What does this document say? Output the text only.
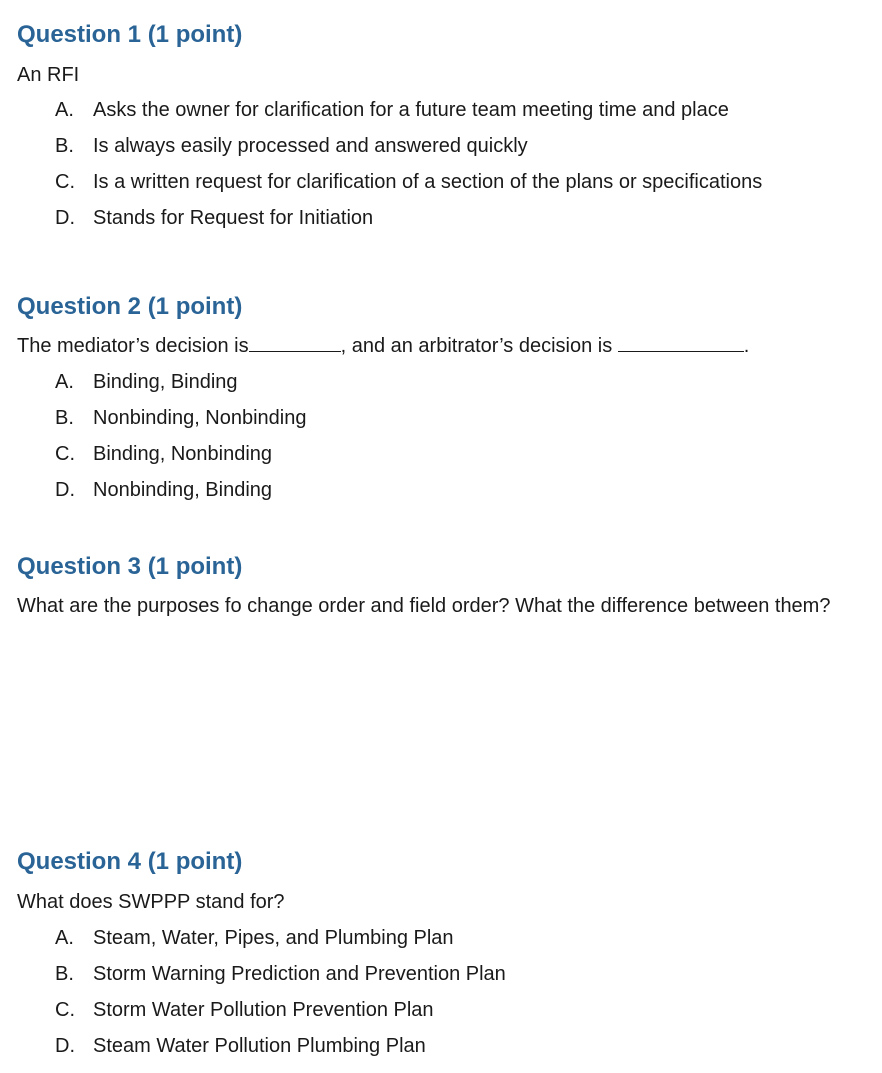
Question 1 (1 point)

An RFI

A. Asks the owner for clarification for a future team meeting time and place
B. Is always easily processed and answered quickly
C. Is a written request for clarification of a section of the plans or specifications
D. Stands for Request for Initiation
Question 2 (1 point)

The mediator’s decision is	, and an arbitrator’s decision is	.

A. Binding, Binding
B. Nonbinding, Nonbinding
C. Binding, Nonbinding
D. Nonbinding, Binding
Question 3 (1 point)

What are the purposes fo change order and field order? What the difference between them?

Question 4 (1 point)

What does SWPPP stand for?

A. Steam, Water, Pipes, and Plumbing Plan
B. Storm Warning Prediction and Prevention Plan
C. Storm Water Pollution Prevention Plan
D. Steam Water Pollution Plumbing Plan
